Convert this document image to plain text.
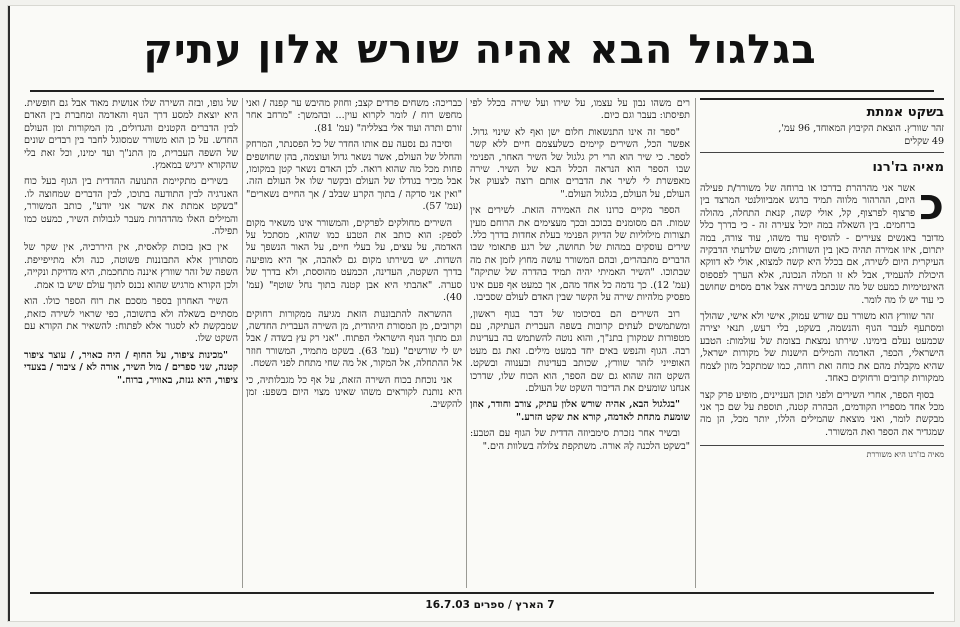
בגלגול הבא אהיה שורש אלון עתיק
בשקט אמתת
זהר שוורץ. הוצאת הקיבוץ המאוחד, 96 עמ',
49 שקלים
מאיה בז'רנו

כ
אשר אני מהרהרת בדרכו או ברוחה של משורר/ת פעילה היום, ההרהור מלווה תמיד ברגש אמביוולנטי המרצד בין פרצוף לפרצוף, קל, אולי קשה, קנאת התחלה, מהולה ברחמים. בין השאלה במה יוכל צעירה זה - כי בדרך כלל מדובר באנשים צעירים - להוסיף עוד משהו, עוד צורה, במה יתרום, איזו אמירה תהיה כאן בין השורות; משום שלרעתי הדבקיה העיקרית היום לשירה, אם בכלל היא קשה למצוא, אולי לא דווקא היכולת להעמיד, אבל לא זו המלה הנכונה, אלא הערך לפספוס האינטימיות כמעט של מה שנכתב בשירה אצל אדם מסוים שחושב כי עוד יש לו מה לומר.

זהר שוורץ הוא משורר עם שורש עמוק, אישי ולא אישי, שהולך ומסתעף לעבר הגוף והנשמה, בשקט, בלי רעש, תנאי יצירה שכמעט נעלם בימינו. שירתו נמצאת בצומת של עולמות: הטבע הישראלי, הכפר, האדמה והמילים הישנות של מקורות ישראל, שהיא מקבלת מהם את כוחה ואת רוחה, כמו שמתקבל מזון לצמח ממקורות קרובים ורחוקים כאחד.

בסוף הספר, אחרי השירים ולפני תוכן העניינים, מופיע פרק קצר מכל אחד מספריו הקודמים, הבהרה קטנה, תוספת על שם כך אני מבקשת לומר, ואני מוצאת שהמילים הללו, יותר מכל, הן מה שמגדיר את הספר ואת המשורר.

מאיה בז'רנו היא משוררת

רים משהו נבון על עצמו, על שירו ועל שירה בכלל לפי תפיסתו: בעבר וגם כיום.

"ספר זה אינו התנשאות חלום ישן ואף לא שינוי גדול. אפשר הכל, השירים קיימים כשלעצמם חיים ללא קשר לספר. כי שיר הוא הרי רק גלגול של השיר האחר, הפנימי שבו הספר הוא הנראה הכלל הבא של השיר. שירה מאפשרת לי לשיר את הדברים אותם רוצה לצעוק אל העולם, על העולם, בגלגול העולם."

הספר מקיים כרונו את האמירה הזאת. לשירים אין שמות. הם מסומנים בכוכב ובכך מעצימים את הרוחם מעין תצורות מילוליות של הדיוק הפנימי בעלת אחדות בדרך כלל. שירים עוסקים במהות של תחושה, של רגע פתאומי שבו הדברים מתבהרים, ובהם המשורר עושה מחוץ לזמן את מה שבתוכו. "השיר האמיתי יהיה תמיד בהדרה של שתיקה" (עמ' 12). כך נדמה כל אחד מהם, אך כמעט אף פעם אינו מפסיק מלהיות שירה על הקשר שבין האדם לעולם שסביבו.

רוב השירים הם בסיכומו של דבר בגוף ראשון, ומשתמשים לעתים קרובות בשפה העברית העתיקה, עם מטפורות שמקורן בתנ"ך, והוא נוטה להשתמש בה בעדינות רבה. הגוף והנפש באים יחד במעט מילים. זאת גם מעט האופייני לזהר שוורץ, שכותב בעדינות ובענווה ובשקט. השקט הזה שהוא גם שם הספר, הוא הכוח שלו, שדרכו אנחנו שומעים את הדיבור השקט של העולם.

"בגלגול הבא, אהיה שורש אלון עתיק, צורב וחודר, אוזן שומעת מתחת לאדמה, קורא את שקט הזרע."

ובשיר אחר נזכרת סימביוזה הדדית של הגוף עם הטבע: "בשקט הלכנה לָהּ אורה. משתקפת צלולה בשלוות הים."

כבריכה: משחים פרדים קצב; וחוזק מהיבש ער קפנה / ואני מחפש רוח / לומר לקרוא עוין... ובהמשך: "מרחב אחר זורם ותרה ועוד אלי בצלליה" (עמ' 81).

וסיבה גם נסעה עם אותו החדר של כל הפסנתר, המרחק והחלל של העולם, אשר נשאר גדול ועוצמה, בהן שחושפים פחות מכל מה שהוא רואה. לכן האדם נשאר קטן במקומו, אבל מכיר בגודלו של העולם ובקשר שלו אל העולם הזה. "ואין אני סדקה / בתוך הקרע שבלב / אך החיים נשארים" (עמ' 57).

השירים מחולקים לפרקים, והמשורר אינו משאיר מקום לספק: הוא כותב את הטבע כמו שהוא, מסתכל על האדמה, על עצים, על בעלי חיים, על האור הנשפך על השדות. יש בשירתו מקום גם לאהבה, אך היא מופיעה בדרך השקטה, העדינה, הכמעט מהוססת, ולא בדרך של סערה. "אהבתי היא אבן קטנה בתוך נחל שוטף" (עמ' 40).

ההשראה להתבוננות הזאת מגיעה ממקורות רחוקים וקרובים, מן המסורת היהודית, מן השירה העברית החדשה, וגם מתוך הנוף הישראלי הפתוח. "אני רק עץ בשדה / אבל יש לי שורשים" (עמ' 63). בשקט מתמיד, המשורר חוזר אל ההתחלה, אל המקור, אל מה שחי מתחת לפני השטח.

אני נוכחת בכוח השירה הזאת, על אף כל מגבלותיה, כי היא נותנת לקוראים משהו שאינו מצוי היום בשפע: זמן להקשיב.

של גופו, ובזה השירה שלו אנושית מאוד אבל גם חופשית. היא יוצאת למסע דרך הנוף והאדמה ומחברת בין האדם לבין הדברים הקטנים והגדולים, מן המקורות ומן העולם החדש. על כן הוא משורר שמסוגל לחבר בין רבדים שונים של השפה העברית, מן התנ"ך ועד ימינו, וכל זאת בלי שהקורא ירגיש במאמץ.

בשירים מתקיימת התנועה ההדדית בין הגוף בעל כוח האנרגיה לבין התודעה בתוכו, לבין הדברים שמחוצה לו. "בשקט אמתת את אשר אני יודע", כותב המשורר, והמילים האלו מהדהדות מעבר לגבולות השיר, כמעט כמו תפילה.

אין כאן בזכות קלאסית, אין היררכיה, אין שקר של מסתורין אלא התבוננות פשוטה, כנה ולא מתייפייפת. השפה של זהר שוורץ איננה מתחכמת, היא מדויקת ונקייה, ולכן הקורא מרגיש שהוא נכנס לתוך עולם שיש בו אמת.

השיר האחרון בספר מסכם את רוח הספר כולו. הוא מסתיים בשאלה ולא בתשובה, כפי שראוי לשירה כזאת, שמבקשת לא לסגור אלא לפתוח: להשאיר את הקורא עם השקט שלו.

"מכינות ציפור, על החוף / היה כאויר, / עוצר ציפור קטנה, שני ספרים / מול השיר, אורה לא / ציבור / בצעדי ציפור, היא גנזת, באוויר, ברוח."

7 הארץ / ספרים 16.7.03
